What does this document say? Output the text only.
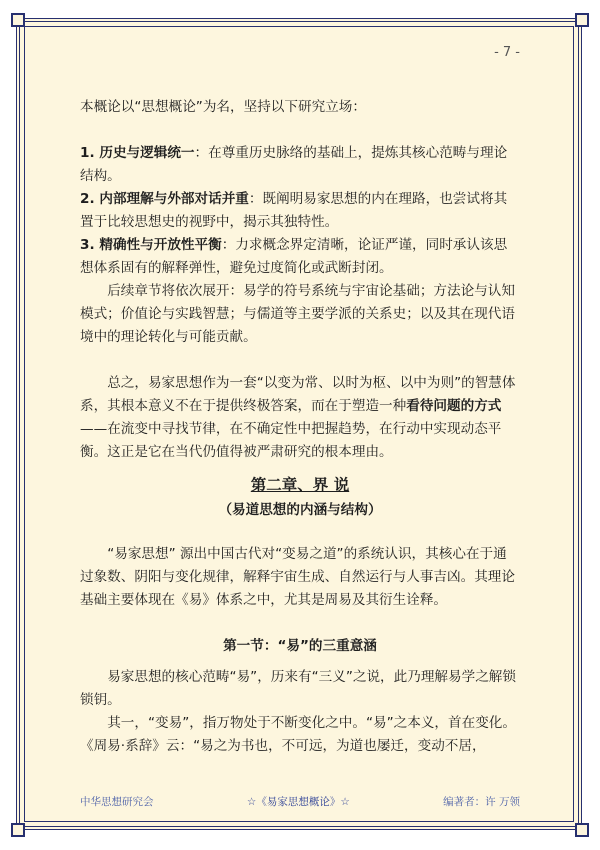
- 7 -

本概论以“思想概论”为名，坚持以下研究立场：

1. 历史与逻辑统一：在尊重历史脉络的基础上，提炼其核心范畴与理论结构。

2. 内部理解与外部对话并重：既阐明易家思想的内在理路，也尝试将其置于比较思想史的视野中，揭示其独特性。

3. 精确性与开放性平衡：力求概念界定清晰，论证严谨，同时承认该思想体系固有的解释弹性，避免过度简化或武断封闭。

后续章节将依次展开：易学的符号系统与宇宙论基础；方法论与认知模式；价值论与实践智慧；与儒道等主要学派的关系史；以及其在现代语境中的理论转化与可能贡献。

总之，易家思想作为一套“以变为常、以时为枢、以中为则”的智慧体系，其根本意义不在于提供终极答案，而在于塑造一种看待问题的方式——在流变中寻找节律，在不确定性中把握趋势，在行动中实现动态平衡。这正是它在当代仍值得被严肃研究的根本理由。

第二章、界 说
（易道思想的内涵与结构）

“易家思想” 源出中国古代对“变易之道”的系统认识，其核心在于通过象数、阴阳与变化规律，解释宇宙生成、自然运行与人事吉凶。其理论基础主要体现在《易》体系之中，尤其是周易及其衍生诠释。

第一节：“易”的三重意涵

易家思想的核心范畴“易”，历来有“三义”之说，此乃理解易学之解锁锁钥。

其一，“变易”，指万物处于不断变化之中。“易”之本义，首在变化。《周易·系辞》云：“易之为书也，不可远，为道也屡迁，变动不居，

中华思想研究会	☆《易家思想概论》☆	编著者：许 万领
